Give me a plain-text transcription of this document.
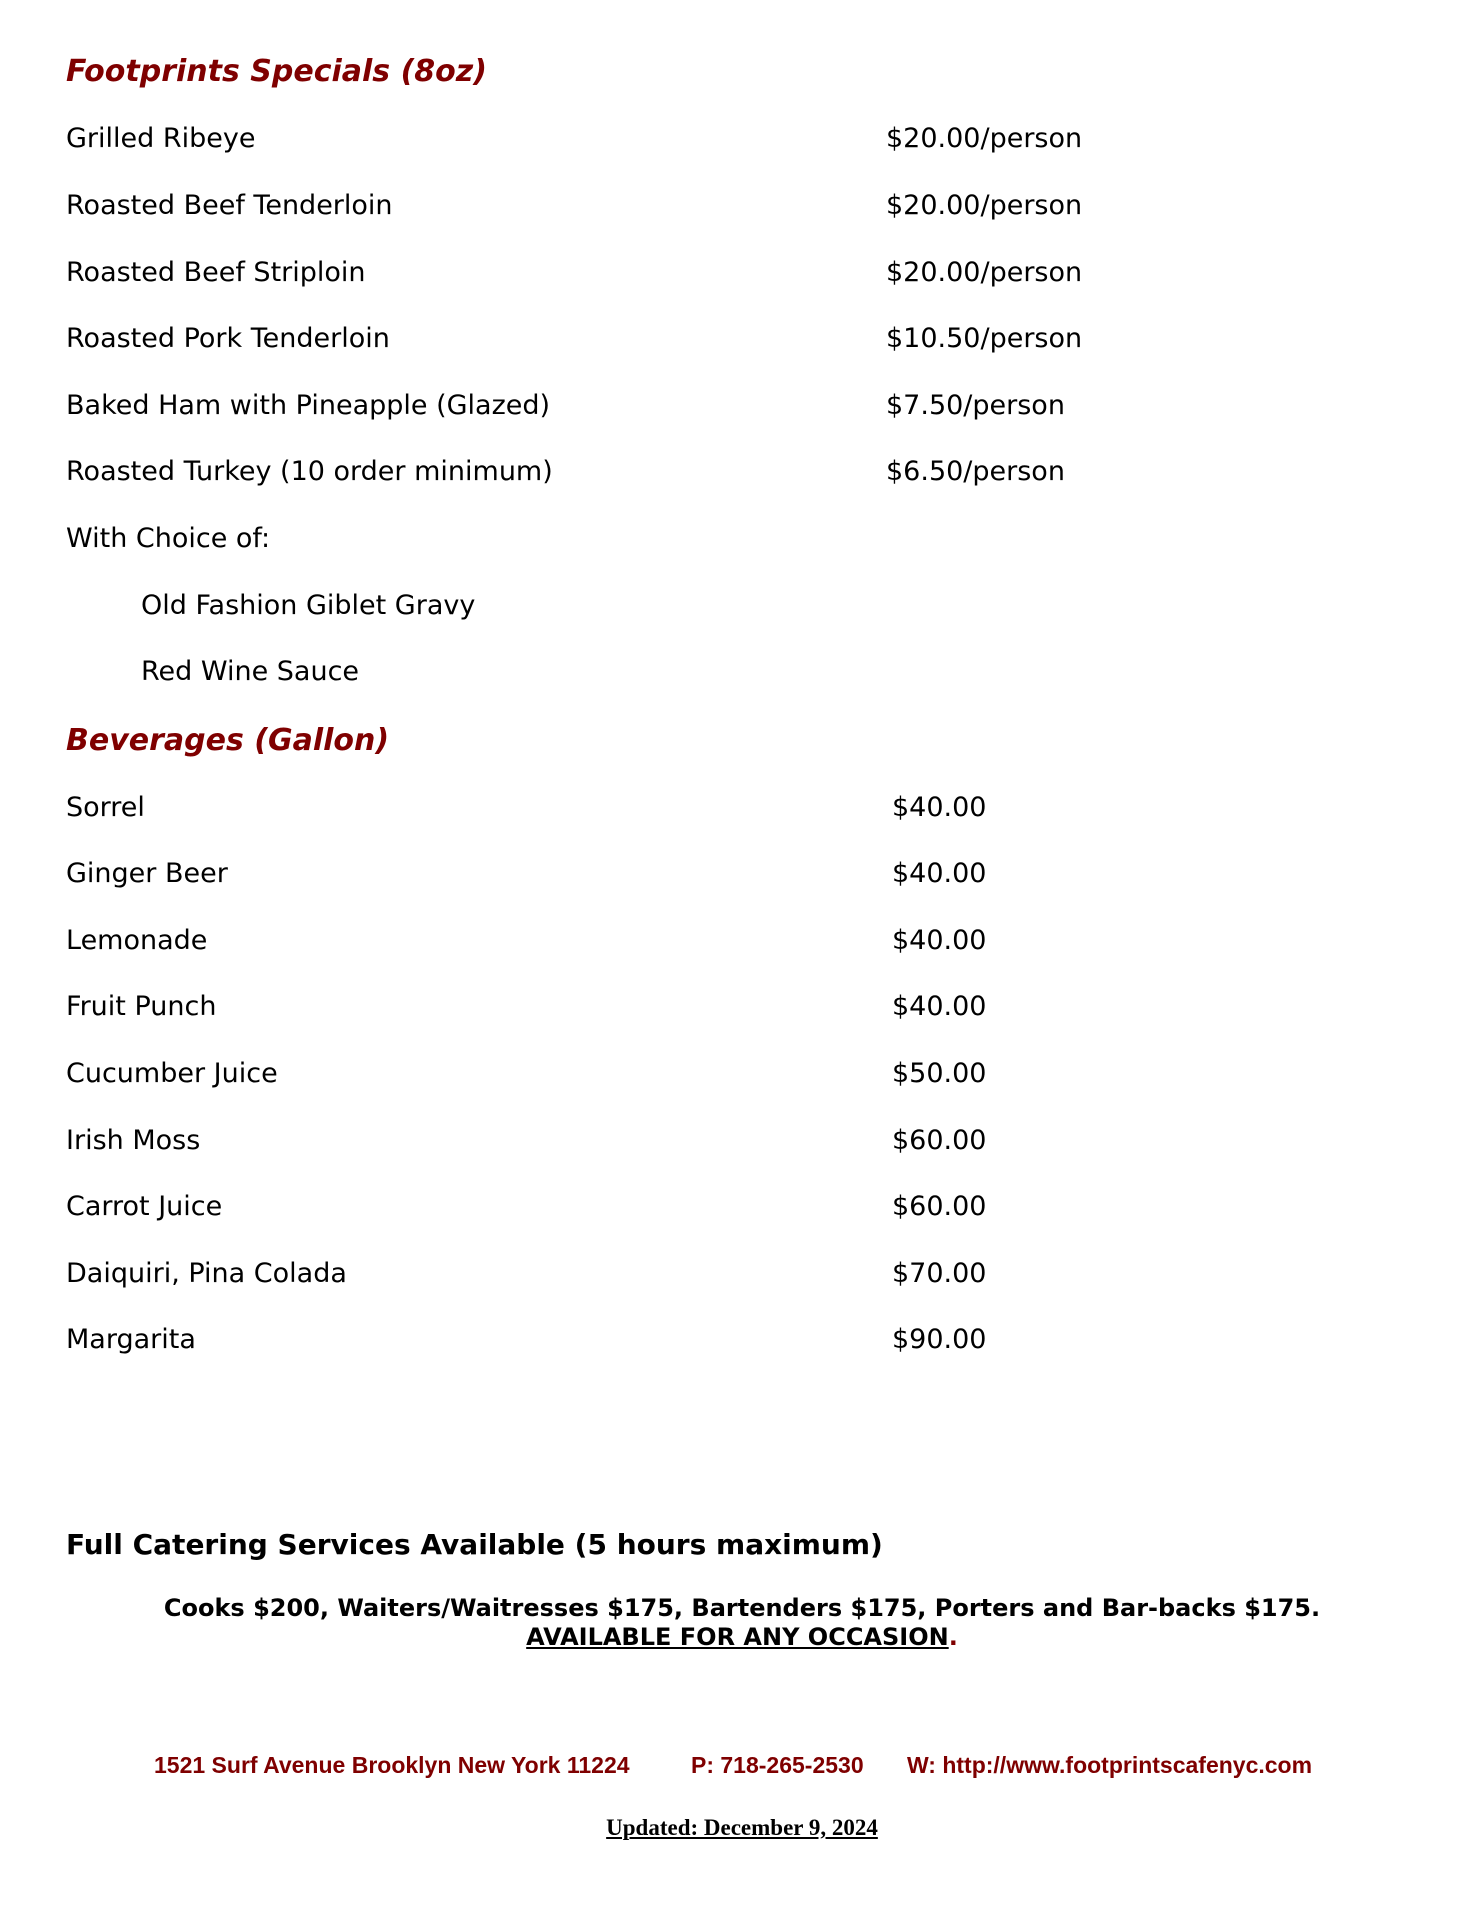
Footprints Specials (8oz)
Grilled Ribeye	$20.00/person
Roasted Beef Tenderloin	$20.00/person
Roasted Beef Striploin	$20.00/person
Roasted Pork Tenderloin	$10.50/person
Baked Ham with Pineapple (Glazed)	$7.50/person
Roasted Turkey (10 order minimum)	$6.50/person
With Choice of:
Old Fashion Giblet Gravy
Red Wine Sauce
Beverages (Gallon)
Sorrel	$40.00
Ginger Beer	$40.00
Lemonade	$40.00
Fruit Punch	$40.00
Cucumber Juice	$50.00
Irish Moss	$60.00
Carrot Juice	$60.00
Daiquiri, Pina Colada	$70.00
Margarita	$90.00
Full Catering Services Available (5 hours maximum)
Cooks $200, Waiters/Waitresses $175, Bartenders $175, Porters and Bar-backs $175.
AVAILABLE FOR ANY OCCASION.
1521 Surf Avenue Brooklyn New York 11224	P: 718-265-2530 W: http://www.footprintscafenyc.com
Updated: December 9, 2024
